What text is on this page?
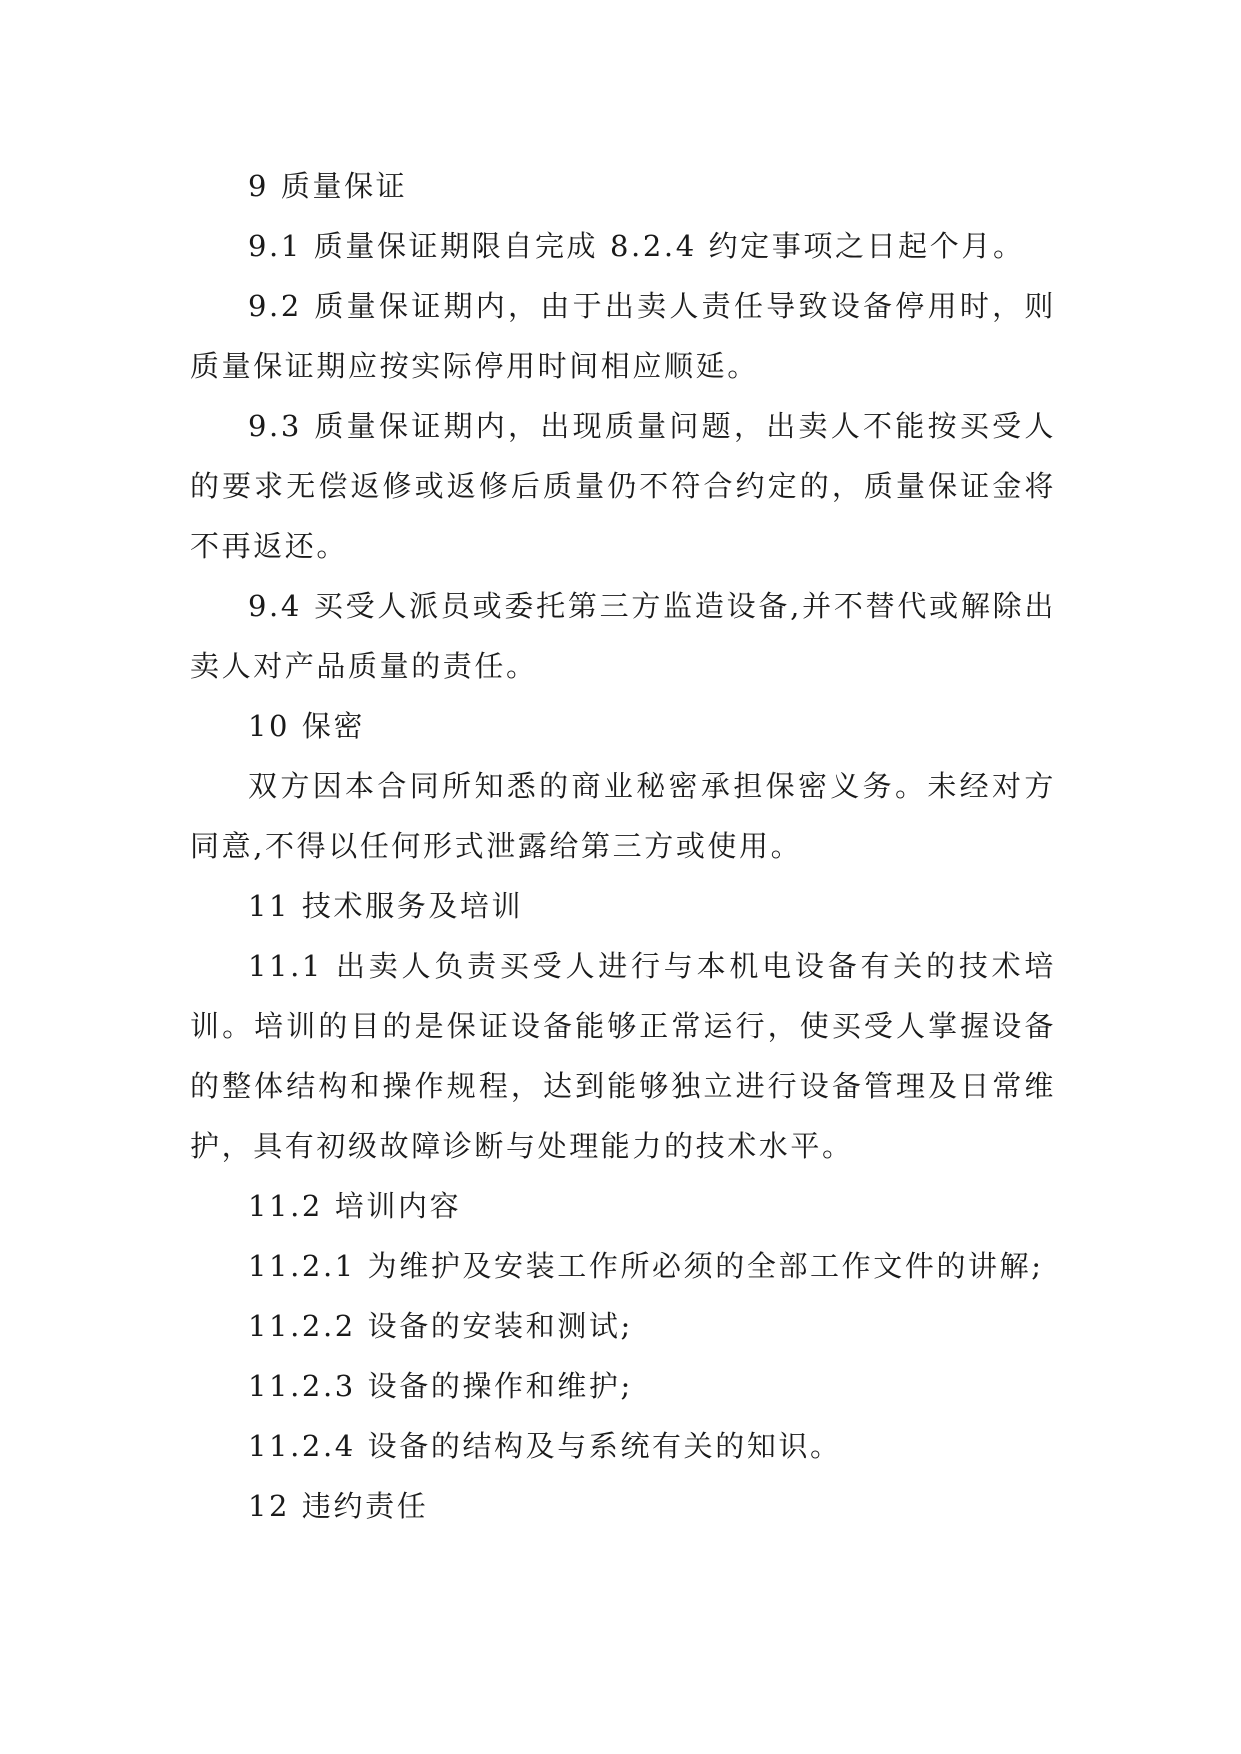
9 质量保证

9.1 质量保证期限自完成 8.2.4 约定事项之日起个月。

9.2 质量保证期内，由于出卖人责任导致设备停用时，则质量保证期应按实际停用时间相应顺延。

9.3 质量保证期内，出现质量问题，出卖人不能按买受人的要求无偿返修或返修后质量仍不符合约定的，质量保证金将不再返还。

9.4 买受人派员或委托第三方监造设备,并不替代或解除出卖人对产品质量的责任。

10 保密

双方因本合同所知悉的商业秘密承担保密义务。未经对方同意,不得以任何形式泄露给第三方或使用。

11 技术服务及培训

11.1 出卖人负责买受人进行与本机电设备有关的技术培训。培训的目的是保证设备能够正常运行，使买受人掌握设备的整体结构和操作规程，达到能够独立进行设备管理及日常维护，具有初级故障诊断与处理能力的技术水平。

11.2 培训内容

11.2.1 为维护及安装工作所必须的全部工作文件的讲解;

11.2.2 设备的安装和测试;

11.2.3 设备的操作和维护;

11.2.4 设备的结构及与系统有关的知识。

12 违约责任
